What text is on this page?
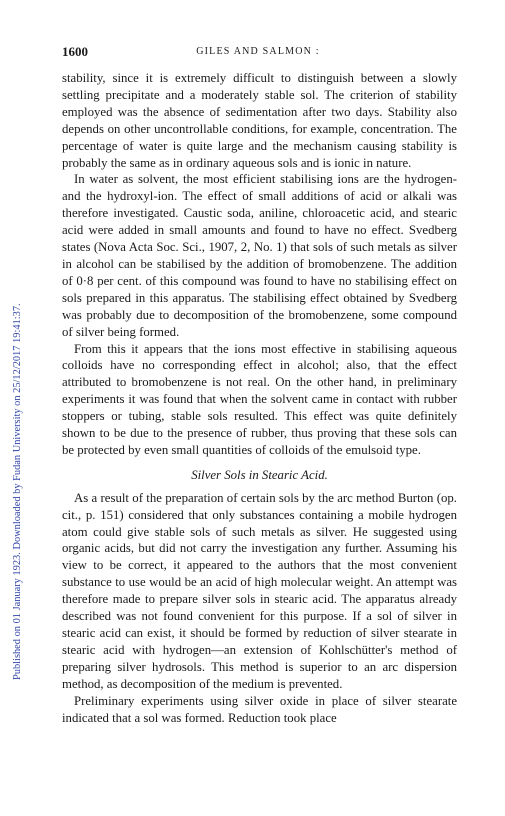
Published on 01 January 1923. Downloaded by Fudan University on 25/12/2017 19:41:37.
1600	GILES AND SALMON :

stability, since it is extremely difficult to distinguish between a slowly settling precipitate and a moderately stable sol. The criterion of stability employed was the absence of sedimentation after two days. Stability also depends on other uncontrollable conditions, for example, concentration. The percentage of water is quite large and the mechanism causing stability is probably the same as in ordinary aqueous sols and is ionic in nature.

In water as solvent, the most efficient stabilising ions are the hydrogen- and the hydroxyl-ion. The effect of small additions of acid or alkali was therefore investigated. Caustic soda, aniline, chloroacetic acid, and stearic acid were added in small amounts and found to have no effect. Svedberg states (Nova Acta Soc. Sci., 1907, 2, No. 1) that sols of such metals as silver in alcohol can be stabilised by the addition of bromobenzene. The addition of 0·8 per cent. of this compound was found to have no stabilising effect on sols prepared in this apparatus. The stabilising effect obtained by Svedberg was probably due to decomposition of the bromobenzene, some compound of silver being formed.

From this it appears that the ions most effective in stabilising aqueous colloids have no corresponding effect in alcohol; also, that the effect attributed to bromobenzene is not real. On the other hand, in preliminary experiments it was found that when the solvent came in contact with rubber stoppers or tubing, stable sols resulted. This effect was quite definitely shown to be due to the presence of rubber, thus proving that these sols can be protected by even small quantities of colloids of the emulsoid type.

Silver Sols in Stearic Acid.

As a result of the preparation of certain sols by the arc method Burton (op. cit., p. 151) considered that only substances containing a mobile hydrogen atom could give stable sols of such metals as silver. He suggested using organic acids, but did not carry the investigation any further. Assuming his view to be correct, it appeared to the authors that the most convenient substance to use would be an acid of high molecular weight. An attempt was therefore made to prepare silver sols in stearic acid. The apparatus already described was not found convenient for this purpose. If a sol of silver in stearic acid can exist, it should be formed by reduction of silver stearate in stearic acid with hydrogen—an extension of Kohlschütter's method of preparing silver hydrosols. This method is superior to an arc dispersion method, as decomposition of the medium is prevented.

Preliminary experiments using silver oxide in place of silver stearate indicated that a sol was formed. Reduction took place
